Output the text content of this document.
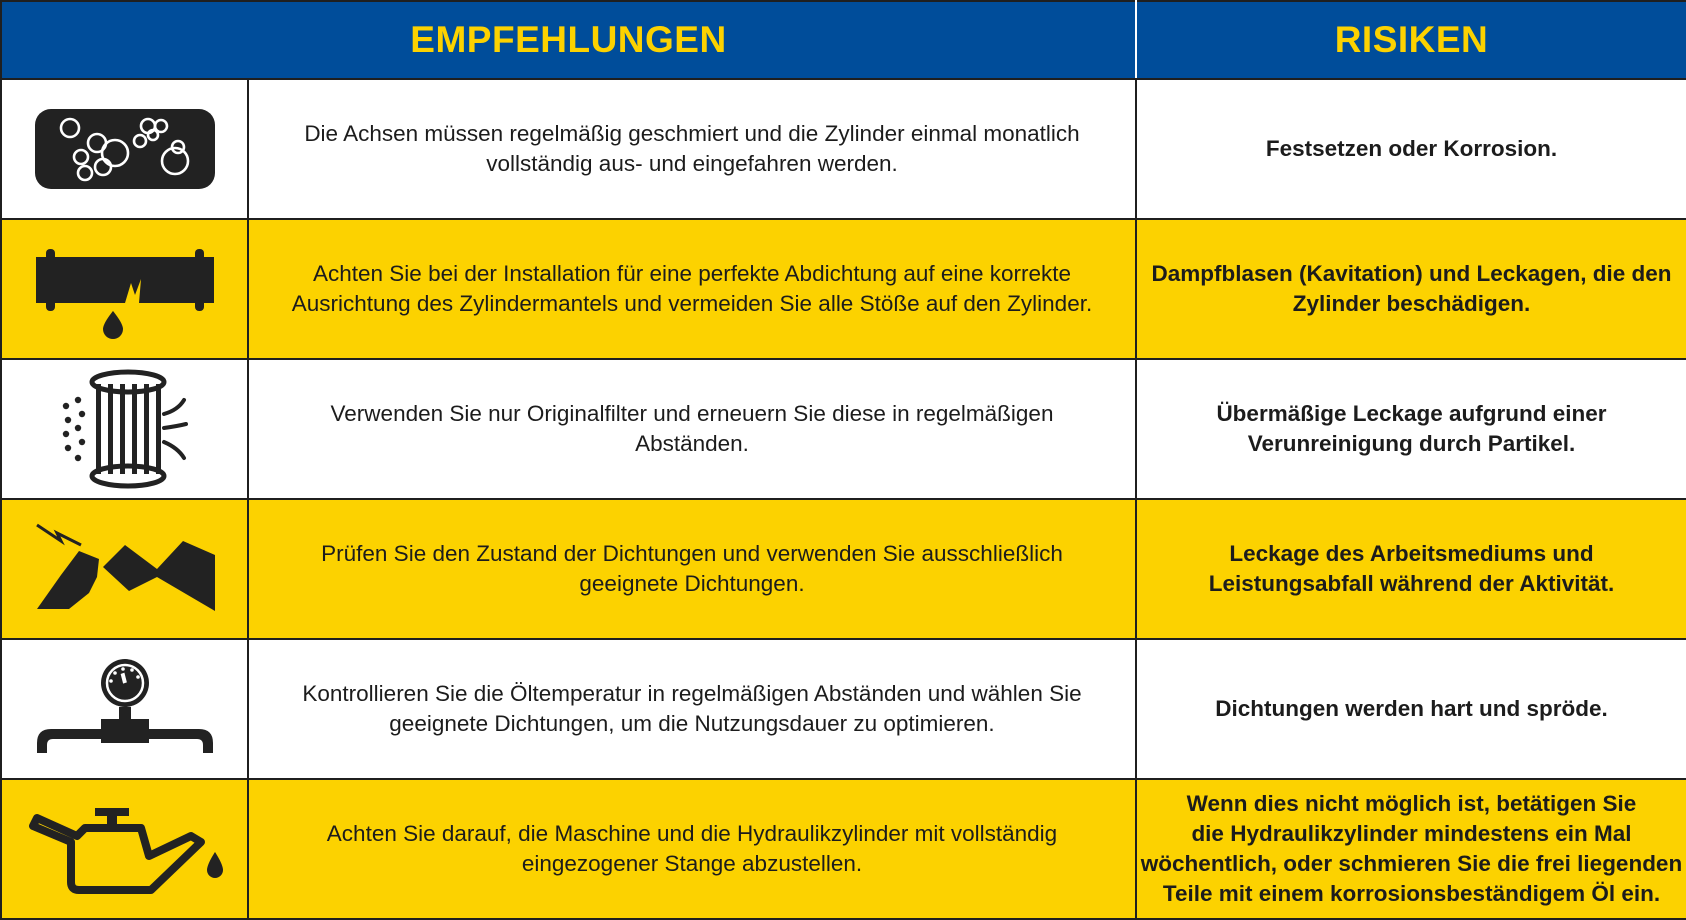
EMPFEHLUNGEN		RISIKEN

	Die Achsen müssen regelmäßig geschmiert und die Zylinder einmal monatlich
vollständig aus- und eingefahren werden.	Festsetzen oder Korrosion.

	Achten Sie bei der Installation für eine perfekte Abdichtung auf eine korrekte
Ausrichtung des Zylindermantels und vermeiden Sie alle Stöße auf den Zylinder.	Dampfblasen (Kavitation) und Leckagen, die den
Zylinder beschädigen.

	Verwenden Sie nur Originalfilter und erneuern Sie diese in regelmäßigen
Abständen.	Übermäßige Leckage aufgrund einer
Verunreinigung durch Partikel.

	Prüfen Sie den Zustand der Dichtungen und verwenden Sie ausschließlich
geeignete Dichtungen.	Leckage des Arbeitsmediums und
Leistungsabfall während der Aktivität.

	Kontrollieren Sie die Öltemperatur in regelmäßigen Abständen und wählen Sie
geeignete Dichtungen, um die Nutzungsdauer zu optimieren.	Dichtungen werden hart und spröde.

	Achten Sie darauf, die Maschine und die Hydraulikzylinder mit vollständig
eingezogener Stange abzustellen.	Wenn dies nicht möglich ist, betätigen Sie
die Hydraulikzylinder mindestens ein Mal
wöchentlich, oder schmieren Sie die frei liegenden
Teile mit einem korrosionsbeständigem Öl ein.
